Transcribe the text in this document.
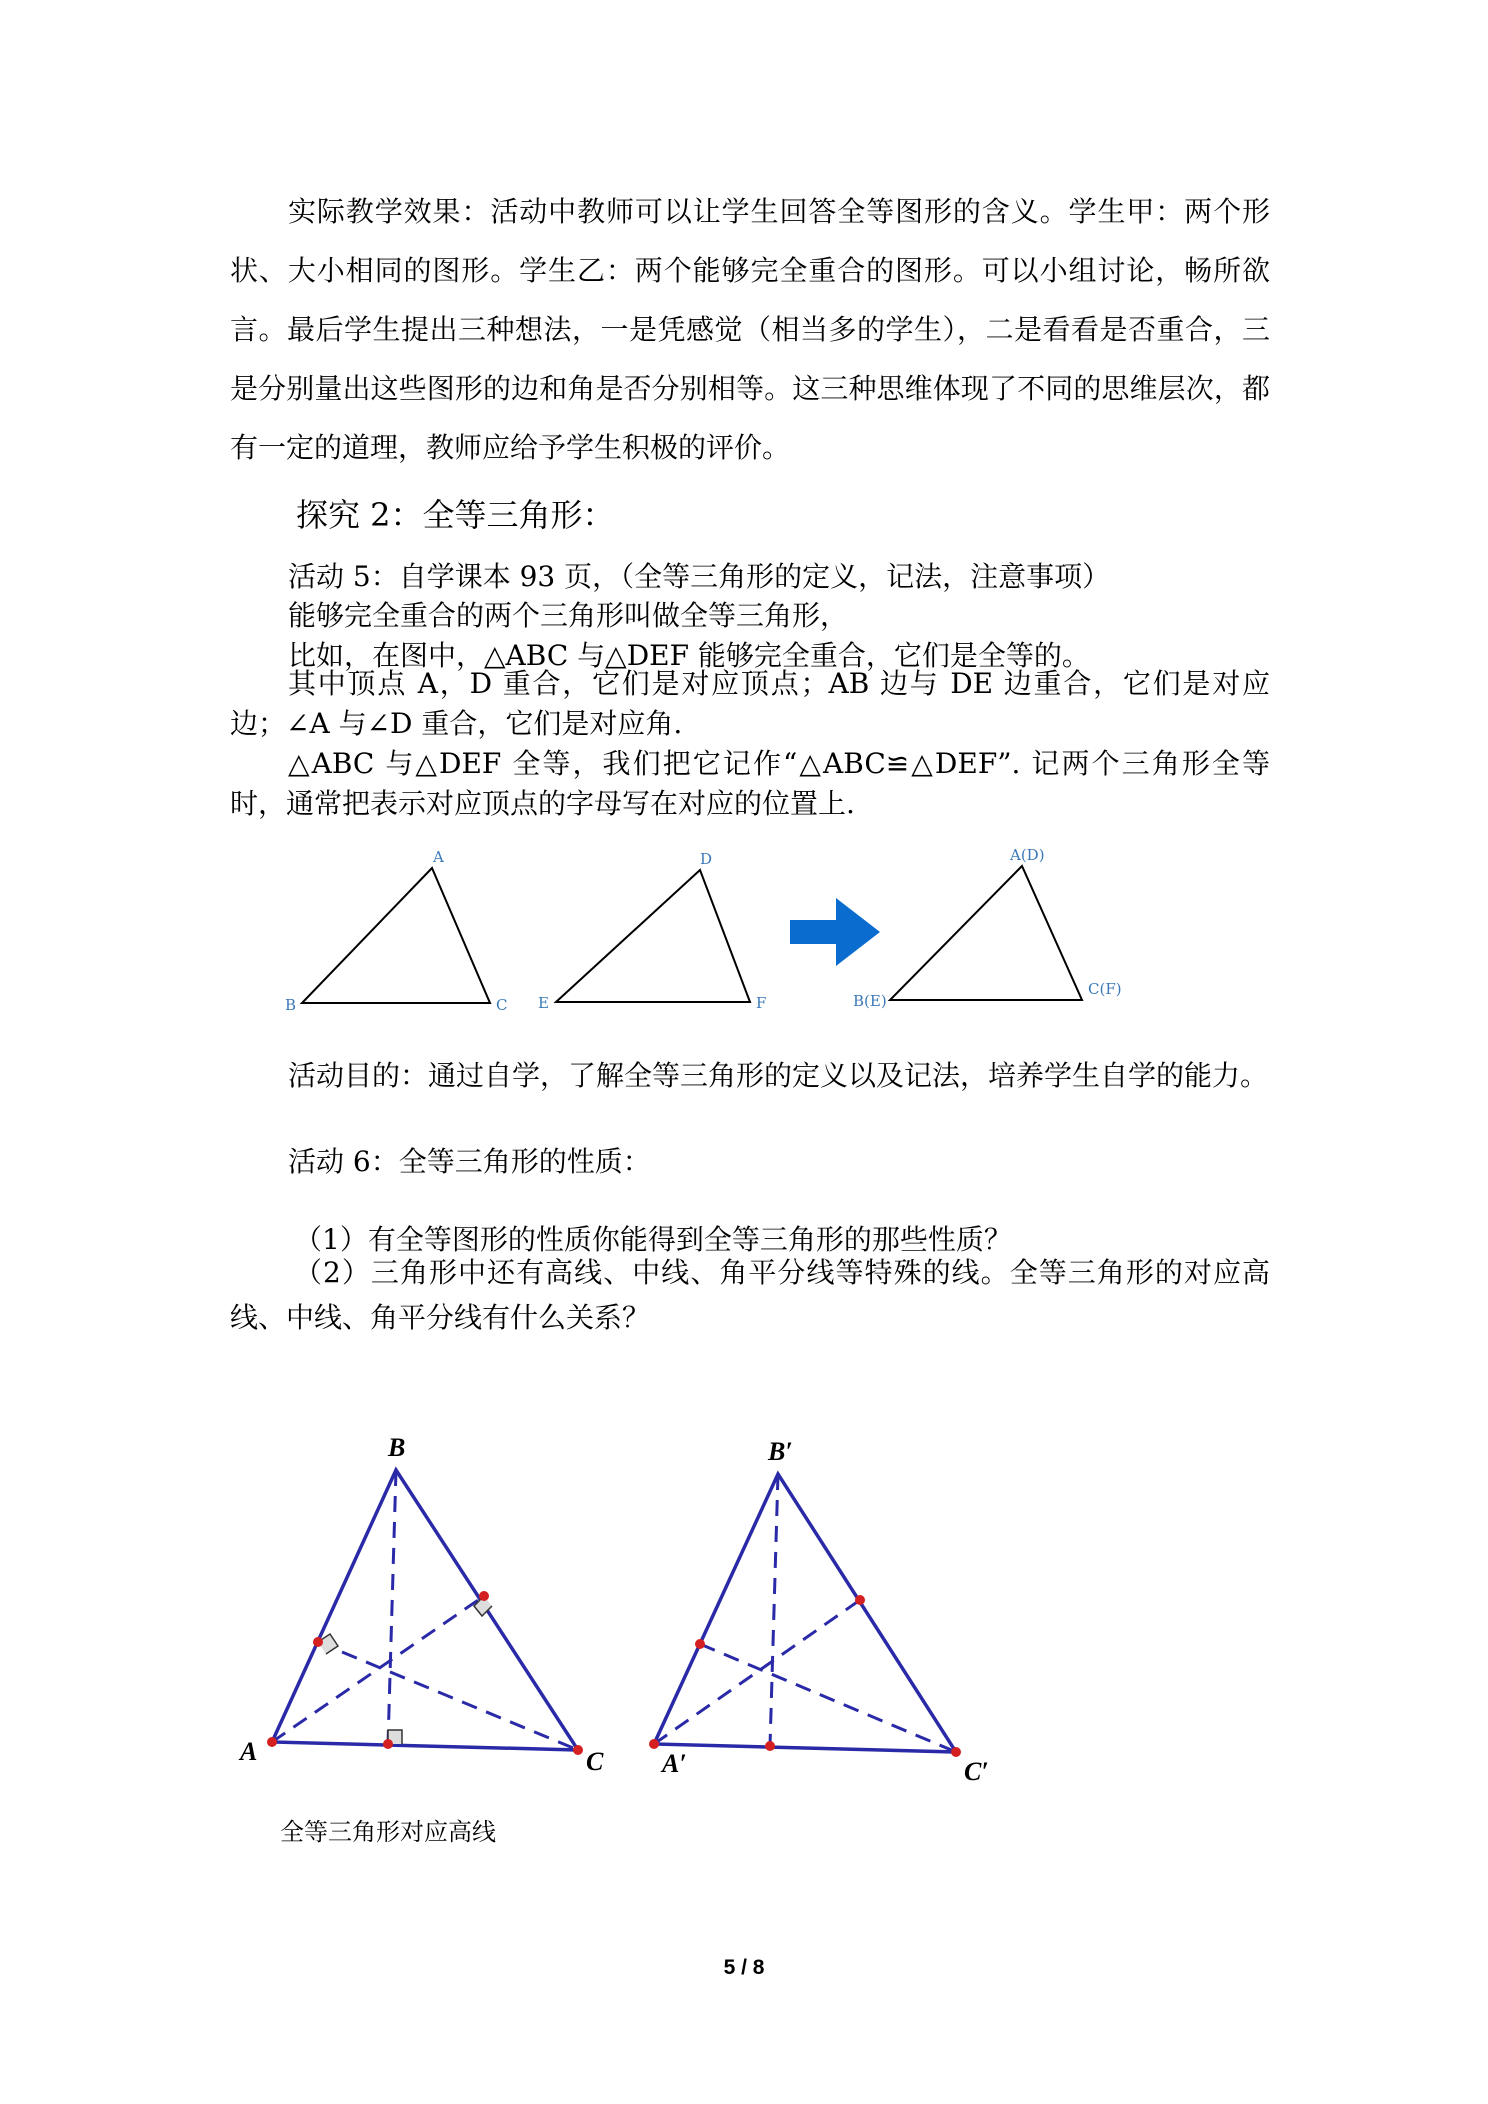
实际教学效果：活动中教师可以让学生回答全等图形的含义。学生甲：两个形状、大小相同的图形。学生乙：两个能够完全重合的图形。可以小组讨论，畅所欲言。最后学生提出三种想法，一是凭感觉（相当多的学生），二是看看是否重合，三是分别量出这些图形的边和角是否分别相等。这三种思维体现了不同的思维层次，都有一定的道理，教师应给予学生积极的评价。
探究 2：全等三角形：
活动 5：自学课本 93 页，（全等三角形的定义，记法，注意事项）
能够完全重合的两个三角形叫做全等三角形，
比如，在图中，△ABC 与△DEF 能够完全重合，它们是全等的。
其中顶点 A，D 重合，它们是对应顶点；AB 边与 DE 边重合，它们是对应边；∠A 与∠D 重合，它们是对应角.
△ABC 与△DEF 全等，我们把它记作“△ABC≌△DEF”. 记两个三角形全等时，通常把表示对应顶点的字母写在对应的位置上.
A
B	C
D
E	F
A(D)
B(E)
C(F)
活动目的：通过自学，了解全等三角形的定义以及记法，培养学生自学的能力。
活动 6：全等三角形的性质：
（1）有全等图形的性质你能得到全等三角形的那些性质？
（2）三角形中还有高线、中线、角平分线等特殊的线。全等三角形的对应高线、中线、角平分线有什么关系？
B
A	C
B′
A′	C′
全等三角形对应高线
5 / 8
